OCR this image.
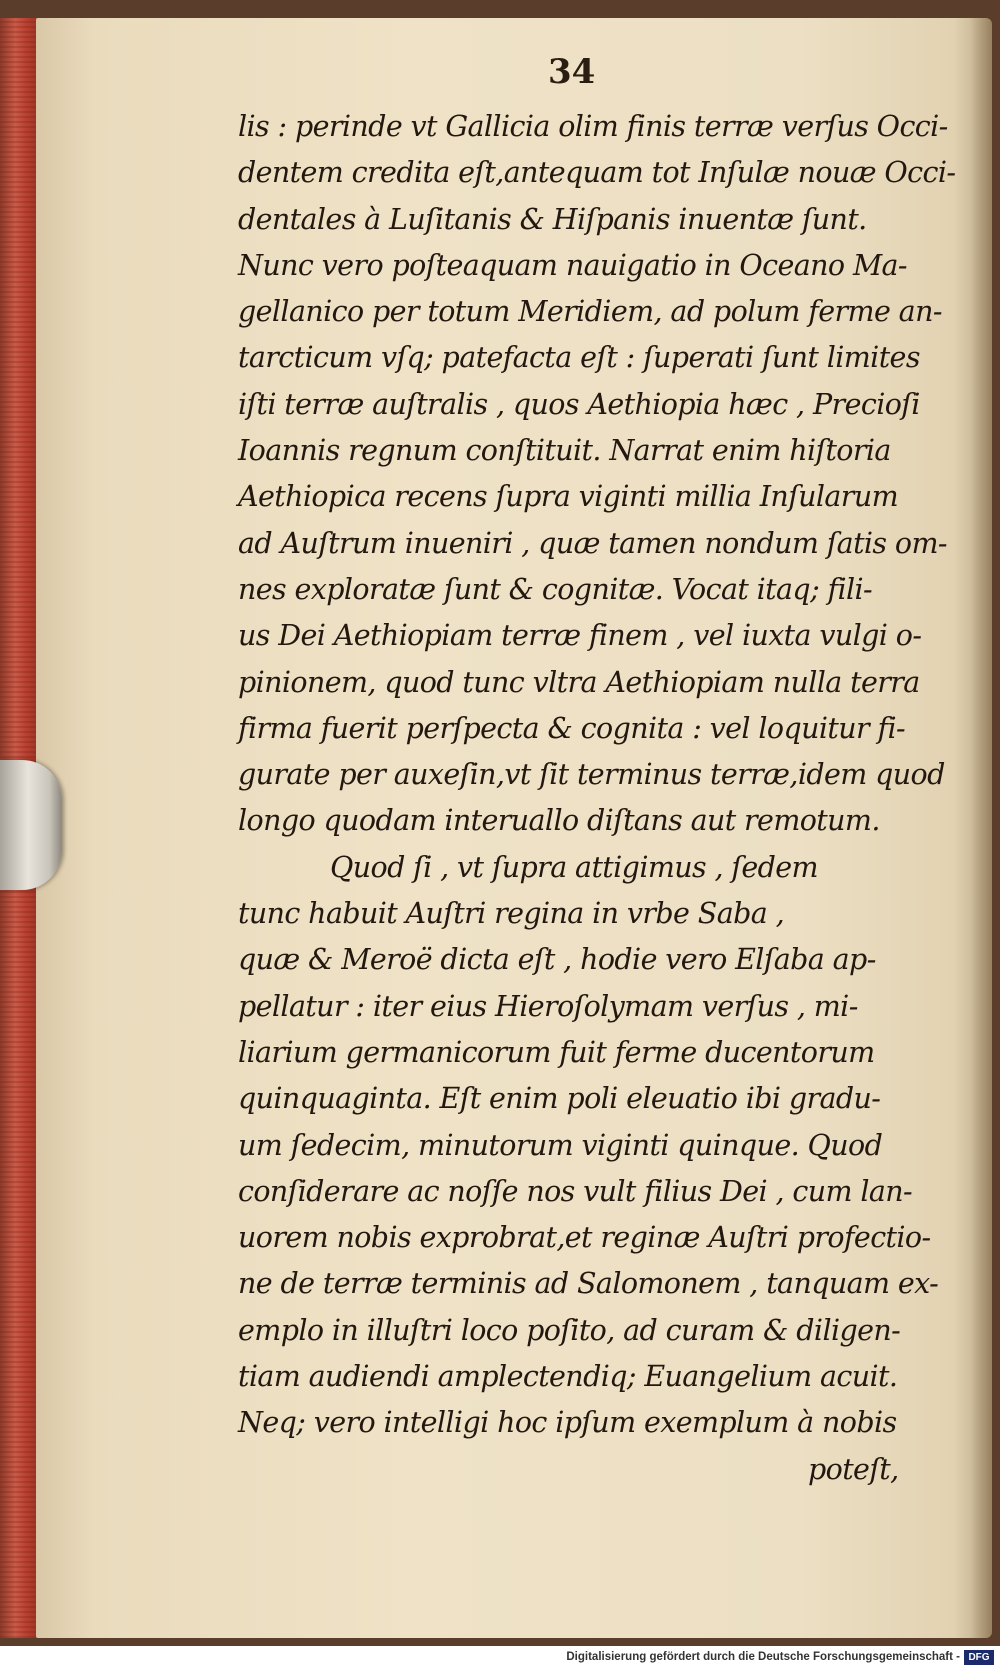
34
lis : perinde vt Gallicia olim finis terræ verſus Occi-
dentem credita eſt,antequam tot Inſulæ nouæ Occi-
dentales à Luſitanis & Hiſpanis inuentæ ſunt.
Nunc vero poſteaquam nauigatio in Oceano Ma-
gellanico per totum Meridiem, ad polum ferme an-
tarcticum vſq; patefacta eſt : ſuperati ſunt limites
iſti terræ auſtralis , quos Aethiopia hæc , Precioſi
Ioannis regnum conſtituit. Narrat enim hiſtoria
Aethiopica recens ſupra viginti millia Inſularum
ad Auſtrum inueniri , quæ tamen nondum ſatis om-
nes exploratæ ſunt & cognitæ. Vocat itaq; fili-
us Dei Aethiopiam terræ finem , vel iuxta vulgi o-
pinionem, quod tunc vltra Aethiopiam nulla terra
firma fuerit perſpecta & cognita : vel loquitur fi-
gurate per auxeſin,vt ſit terminus terræ,idem quod
longo quodam interuallo diſtans aut remotum.
Quod ſi , vt ſupra attigimus , ſedem
tunc habuit Auſtri regina in vrbe Saba ,
quæ & Meroë dicta eſt , hodie vero Elſaba ap-
pellatur : iter eius Hieroſolymam verſus , mi-
liarium germanicorum fuit ferme ducentorum
quinquaginta. Eſt enim poli eleuatio ibi gradu-
um ſedecim, minutorum viginti quinque. Quod
conſiderare ac noſſe nos vult filius Dei , cum lan-
uorem nobis exprobrat,et reginæ Auſtri profectio-
ne de terræ terminis ad Salomonem , tanquam ex-
emplo in illuſtri loco poſito, ad curam & diligen-
tiam audiendi amplectendiq; Euangelium acuit.
Neq; vero intelligi hoc ipſum exemplum à nobis
poteſt,
Digitalisierung gefördert durch die Deutsche Forschungsgemeinschaft - DFG
